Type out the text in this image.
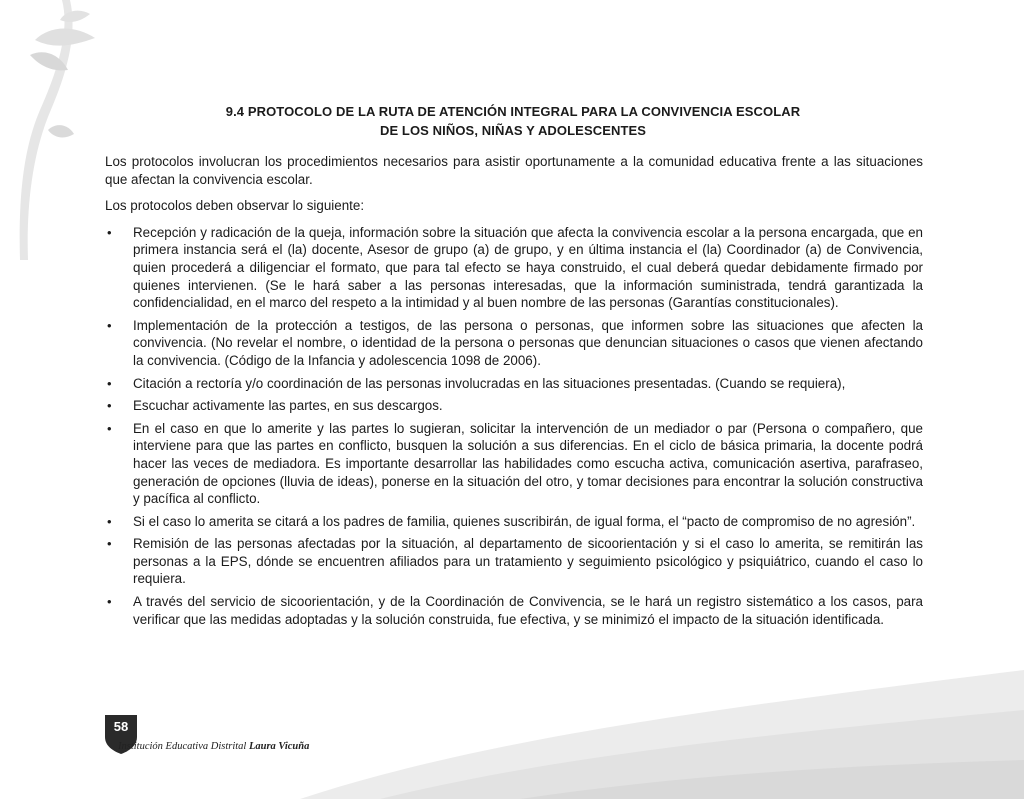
9.4 PROTOCOLO DE LA RUTA DE ATENCIÓN INTEGRAL PARA LA CONVIVENCIA ESCOLAR
DE LOS NIÑOS, NIÑAS Y ADOLESCENTES

Los protocolos involucran los procedimientos necesarios para asistir oportunamente a la comunidad educativa frente a las situaciones que afectan la convivencia escolar.

Los protocolos deben observar lo siguiente:

• Recepción y radicación de la queja, información sobre la situación que afecta la convivencia escolar a la persona encargada, que en primera instancia será el (la) docente, Asesor de grupo (a) de grupo, y en última instancia el (la) Coordinador (a) de Convivencia, quien procederá a diligenciar el formato, que para tal efecto se haya construido, el cual deberá quedar debidamente firmado por quienes intervienen. (Se le hará saber a las personas interesadas, que la información suministrada, tendrá garantizada la confidencialidad, en el marco del respeto a la intimidad y al buen nombre de las personas (Garantías constitucionales).
• Implementación de la protección a testigos, de las persona o personas, que informen sobre las situaciones que afecten la convivencia. (No revelar el nombre, o identidad de la persona o personas que denuncian situaciones o casos que vienen afectando la convivencia. (Código de la Infancia y adolescencia 1098 de 2006).
• Citación a rectoría y/o coordinación de las personas involucradas en las situaciones presentadas. (Cuando se requiera),
• Escuchar activamente las partes, en sus descargos.
• En el caso en que lo amerite y las partes lo sugieran, solicitar la intervención de un mediador o par (Persona o compañero, que interviene para que las partes en conflicto, busquen la solución a sus diferencias. En el ciclo de básica primaria, la docente podrá hacer las veces de mediadora. Es importante desarrollar las habilidades como escucha activa, comunicación asertiva, parafraseo, generación de opciones (lluvia de ideas), ponerse en la situación del otro, y tomar decisiones para encontrar la solución constructiva y pacífica al conflicto.
• Si el caso lo amerita se citará a los padres de familia, quienes suscribirán, de igual forma, el “pacto de compromiso de no agresión”.
• Remisión de las personas afectadas por la situación, al departamento de sicoorientación y si el caso lo amerita, se remitirán las personas a la EPS, dónde se encuentren afiliados para un tratamiento y seguimiento psicológico y psiquiátrico, cuando el caso lo requiera.
• A través del servicio de sicoorientación, y de la Coordinación de Convivencia, se le hará un registro sistemático a los casos, para verificar que las medidas adoptadas y la solución construida, fue efectiva, y se minimizó el impacto de la situación identificada.
58
Institución Educativa Distrital Laura Vicuña
